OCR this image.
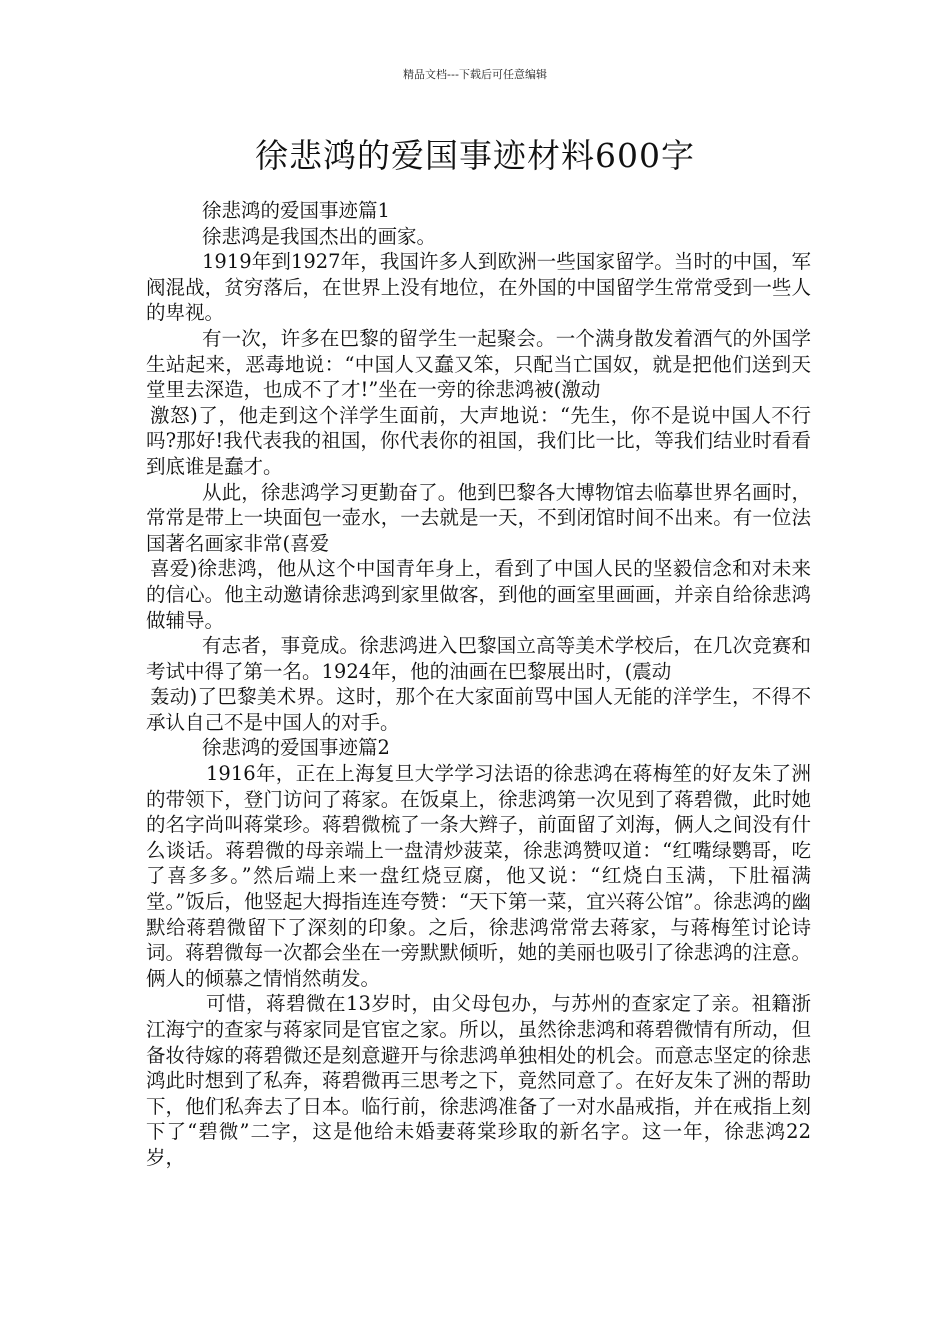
精品文档---下载后可任意编辑
徐悲鸿的爱国事迹材料600字

徐悲鸿的爱国事迹篇1

徐悲鸿是我国杰出的画家。

1919年到1927年，我国许多人到欧洲一些国家留学。当时的中国，军阀混战，贫穷落后，在世界上没有地位，在外国的中国留学生常常受到一些人的卑视。

有一次，许多在巴黎的留学生一起聚会。一个满身散发着酒气的外国学生站起来，恶毒地说：“中国人又蠢又笨，只配当亡国奴，就是把他们送到天堂里去深造，也成不了才!”坐在一旁的徐悲鸿被(激动

激怒)了，他走到这个洋学生面前，大声地说：“先生，你不是说中国人不行吗?那好!我代表我的祖国，你代表你的祖国，我们比一比，等我们结业时看看到底谁是蠢才。

从此，徐悲鸿学习更勤奋了。他到巴黎各大博物馆去临摹世界名画时，常常是带上一块面包一壶水，一去就是一天，不到闭馆时间不出来。有一位法国著名画家非常(喜爱

喜爱)徐悲鸿，他从这个中国青年身上，看到了中国人民的坚毅信念和对未来的信心。他主动邀请徐悲鸿到家里做客，到他的画室里画画，并亲自给徐悲鸿做辅导。

有志者，事竟成。徐悲鸿进入巴黎国立高等美术学校后，在几次竞赛和考试中得了第一名。1924年，他的油画在巴黎展出时，(震动

轰动)了巴黎美术界。这时，那个在大家面前骂中国人无能的洋学生，不得不承认自己不是中国人的对手。

徐悲鸿的爱国事迹篇2

1916年，正在上海复旦大学学习法语的徐悲鸿在蒋梅笙的好友朱了洲的带领下，登门访问了蒋家。在饭桌上，徐悲鸿第一次见到了蒋碧微，此时她的名字尚叫蒋棠珍。蒋碧微梳了一条大辫子，前面留了刘海，俩人之间没有什么谈话。蒋碧微的母亲端上一盘清炒菠菜，徐悲鸿赞叹道：“红嘴绿鹦哥，吃了喜多多。”然后端上来一盘红烧豆腐，他又说：“红烧白玉满，下肚福满堂。”饭后，他竖起大拇指连连夸赞：“天下第一菜，宜兴蒋公馆”。徐悲鸿的幽默给蒋碧微留下了深刻的印象。之后，徐悲鸿常常去蒋家，与蒋梅笙讨论诗词。蒋碧微每一次都会坐在一旁默默倾听，她的美丽也吸引了徐悲鸿的注意。俩人的倾慕之情悄然萌发。

可惜，蒋碧微在13岁时，由父母包办，与苏州的查家定了亲。祖籍浙江海宁的查家与蒋家同是官宦之家。所以，虽然徐悲鸿和蒋碧微情有所动，但备妆待嫁的蒋碧微还是刻意避开与徐悲鸿单独相处的机会。而意志坚定的徐悲鸿此时想到了私奔，蒋碧微再三思考之下，竟然同意了。在好友朱了洲的帮助下，他们私奔去了日本。临行前，徐悲鸿准备了一对水晶戒指，并在戒指上刻下了“碧微”二字，这是他给未婚妻蒋棠珍取的新名字。这一年，徐悲鸿22岁，
